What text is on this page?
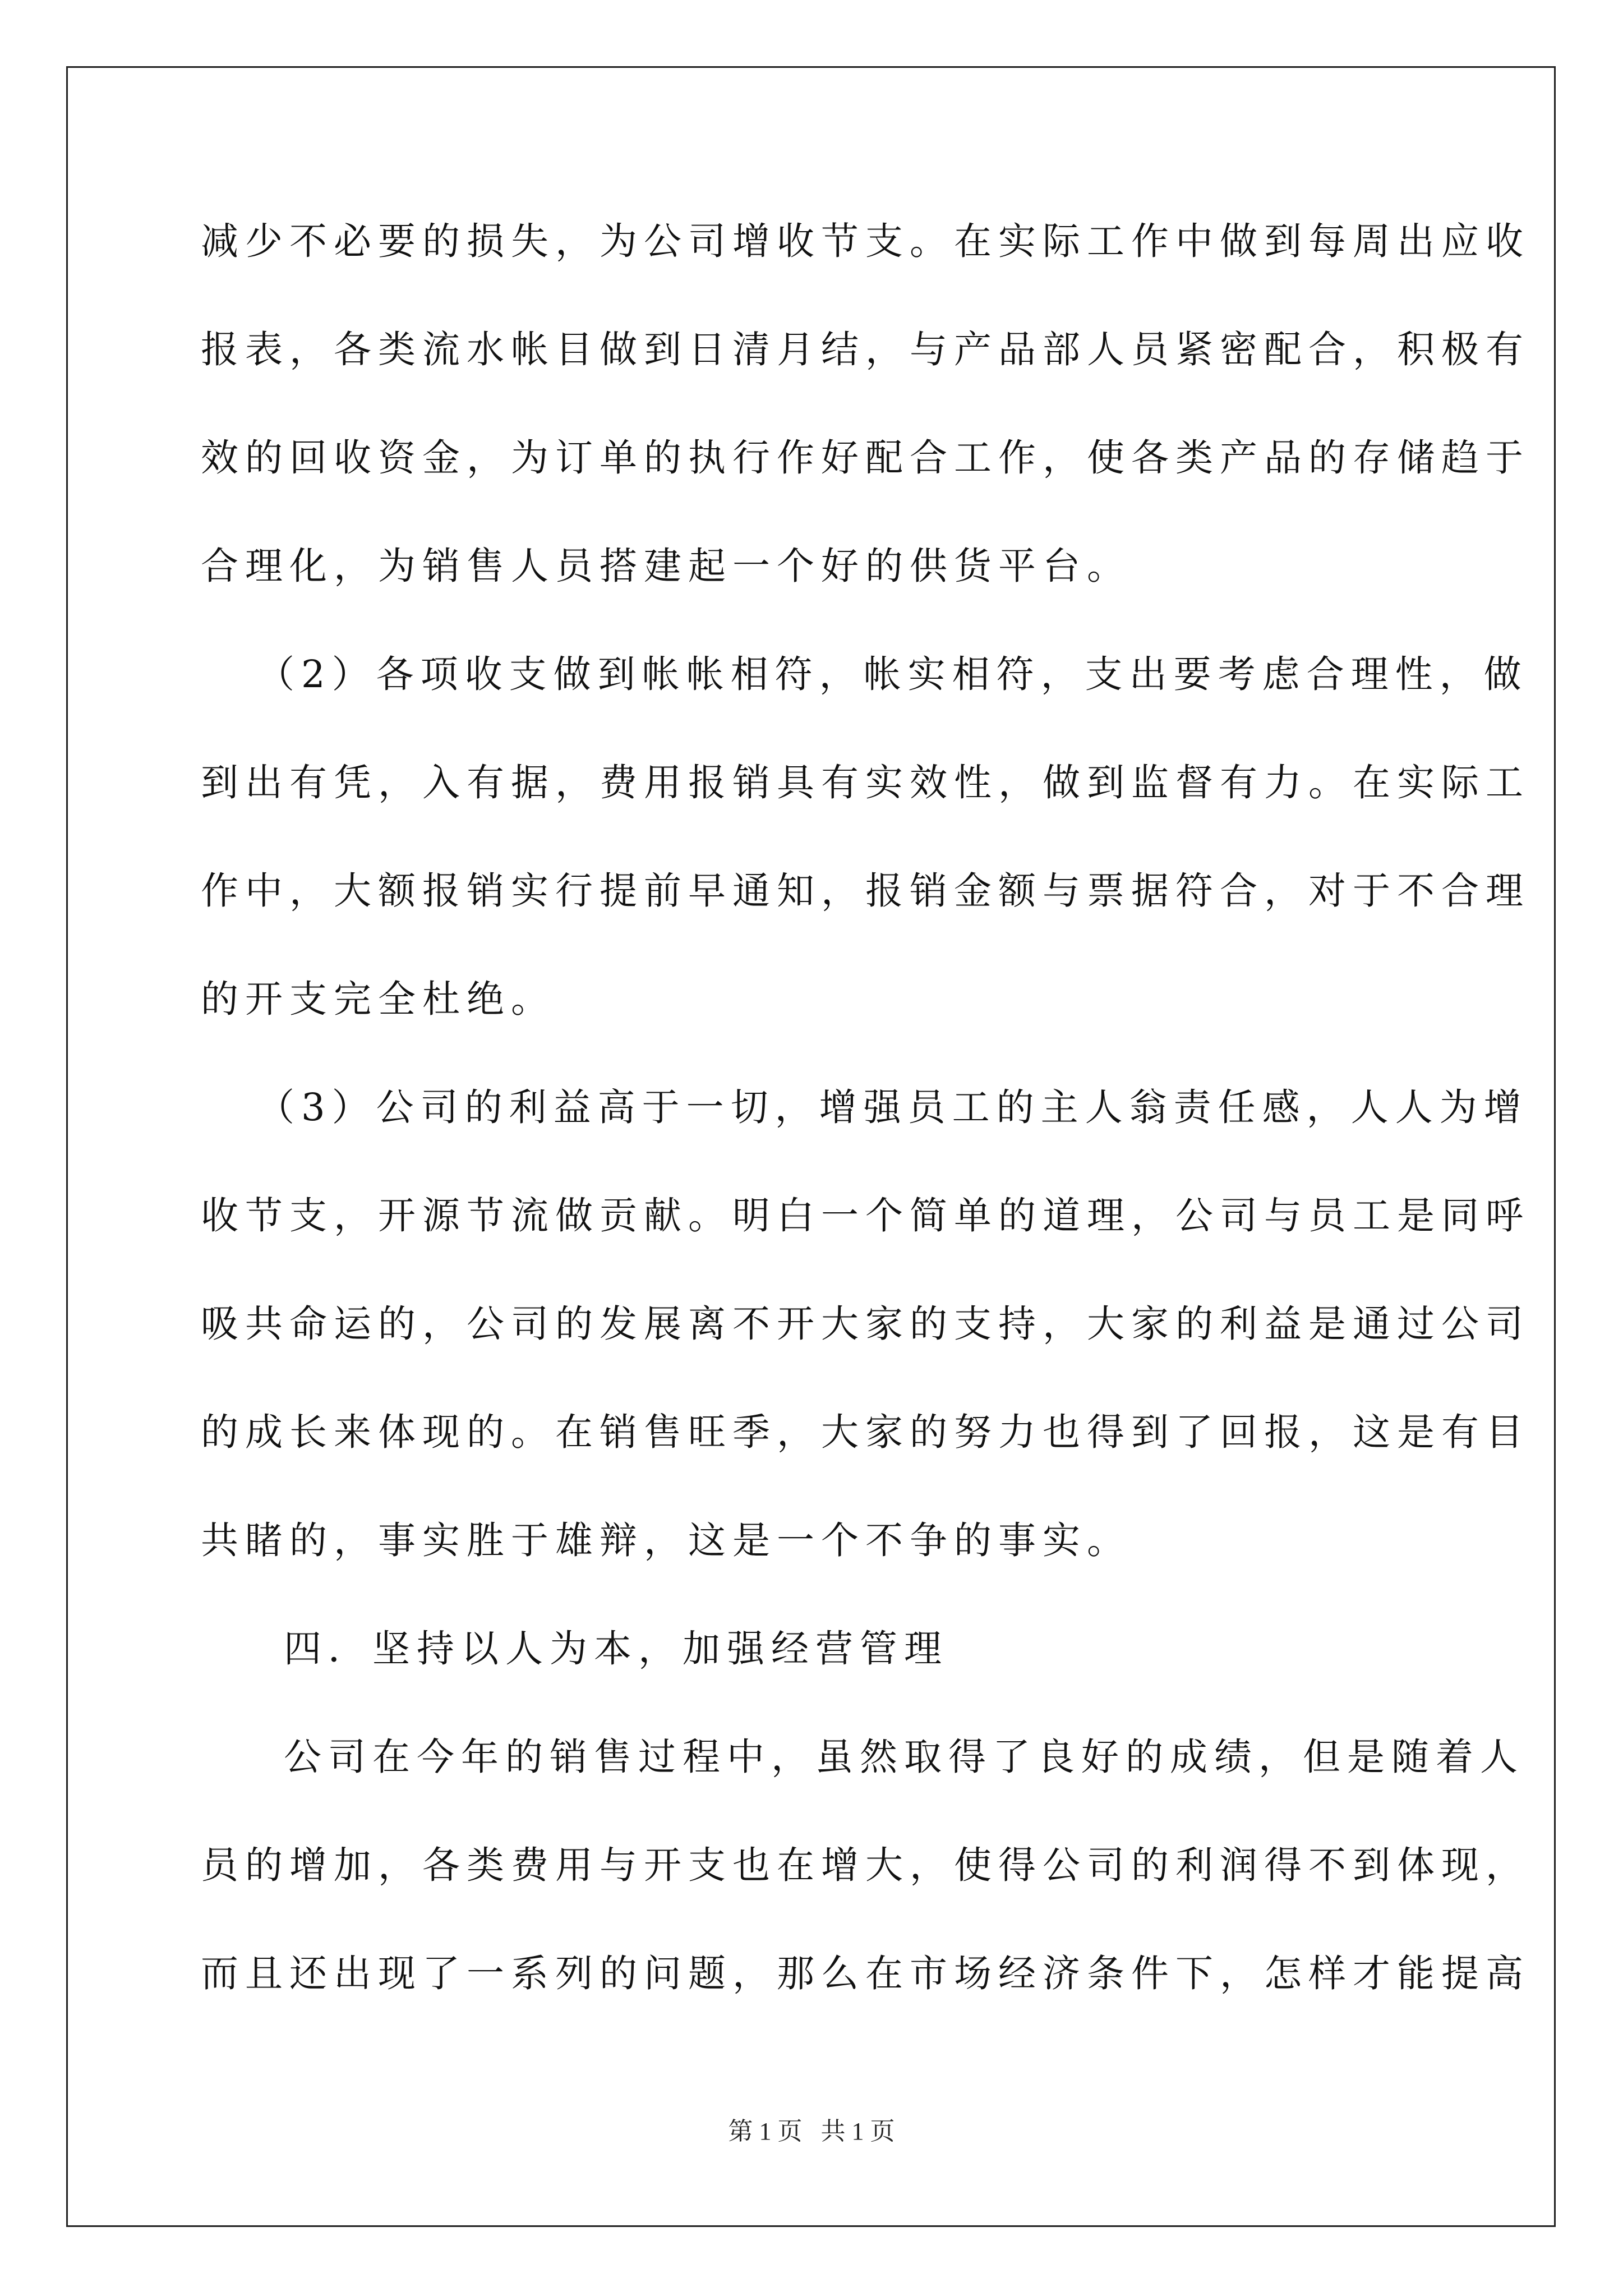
减少不必要的损失，为公司增收节支。在实际工作中做到每周出应收
报表，各类流水帐目做到日清月结，与产品部人员紧密配合，积极有
效的回收资金，为订单的执行作好配合工作，使各类产品的存储趋于
合理化，为销售人员搭建起一个好的供货平台。
（2）各项收支做到帐帐相符，帐实相符，支出要考虑合理性，做
到出有凭，入有据，费用报销具有实效性，做到监督有力。在实际工
作中，大额报销实行提前早通知，报销金额与票据符合，对于不合理
的开支完全杜绝。
（3）公司的利益高于一切，增强员工的主人翁责任感，人人为增
收节支，开源节流做贡献。明白一个简单的道理，公司与员工是同呼
吸共命运的，公司的发展离不开大家的支持，大家的利益是通过公司
的成长来体现的。在销售旺季，大家的努力也得到了回报，这是有目
共睹的，事实胜于雄辩，这是一个不争的事实。
四．坚持以人为本，加强经营管理
公司在今年的销售过程中，虽然取得了良好的成绩，但是随着人
员的增加，各类费用与开支也在增大，使得公司的利润得不到体现，
而且还出现了一系列的问题，那么在市场经济条件下，怎样才能提高
第 1 页   共 1 页
